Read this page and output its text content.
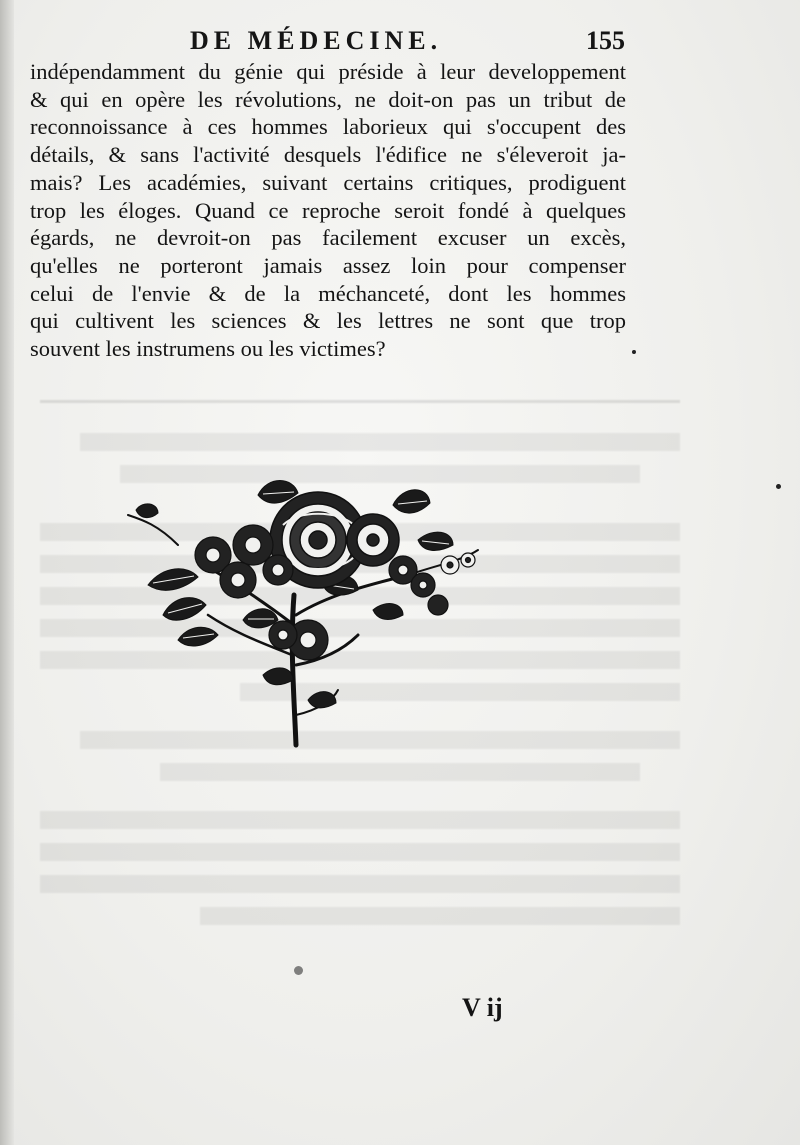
DE MÉDECINE.	155
indépendamment du génie qui préside à leur developpement
& qui en opère les révolutions, ne doit-on pas un tribut de
reconnoissance à ces hommes laborieux qui s'occupent des
détails, & sans l'activité desquels l'édifice ne s'éleveroit ja-
mais? Les académies, suivant certains critiques, prodiguent
trop les éloges. Quand ce reproche seroit fondé à quelques
égards, ne devroit-on pas facilement excuser un excès,
qu'elles ne porteront jamais assez loin pour compenser
celui de l'envie & de la méchanceté, dont les hommes
qui cultivent les sciences & les lettres ne sont que trop
souvent les instrumens ou les victimes?
V ij
